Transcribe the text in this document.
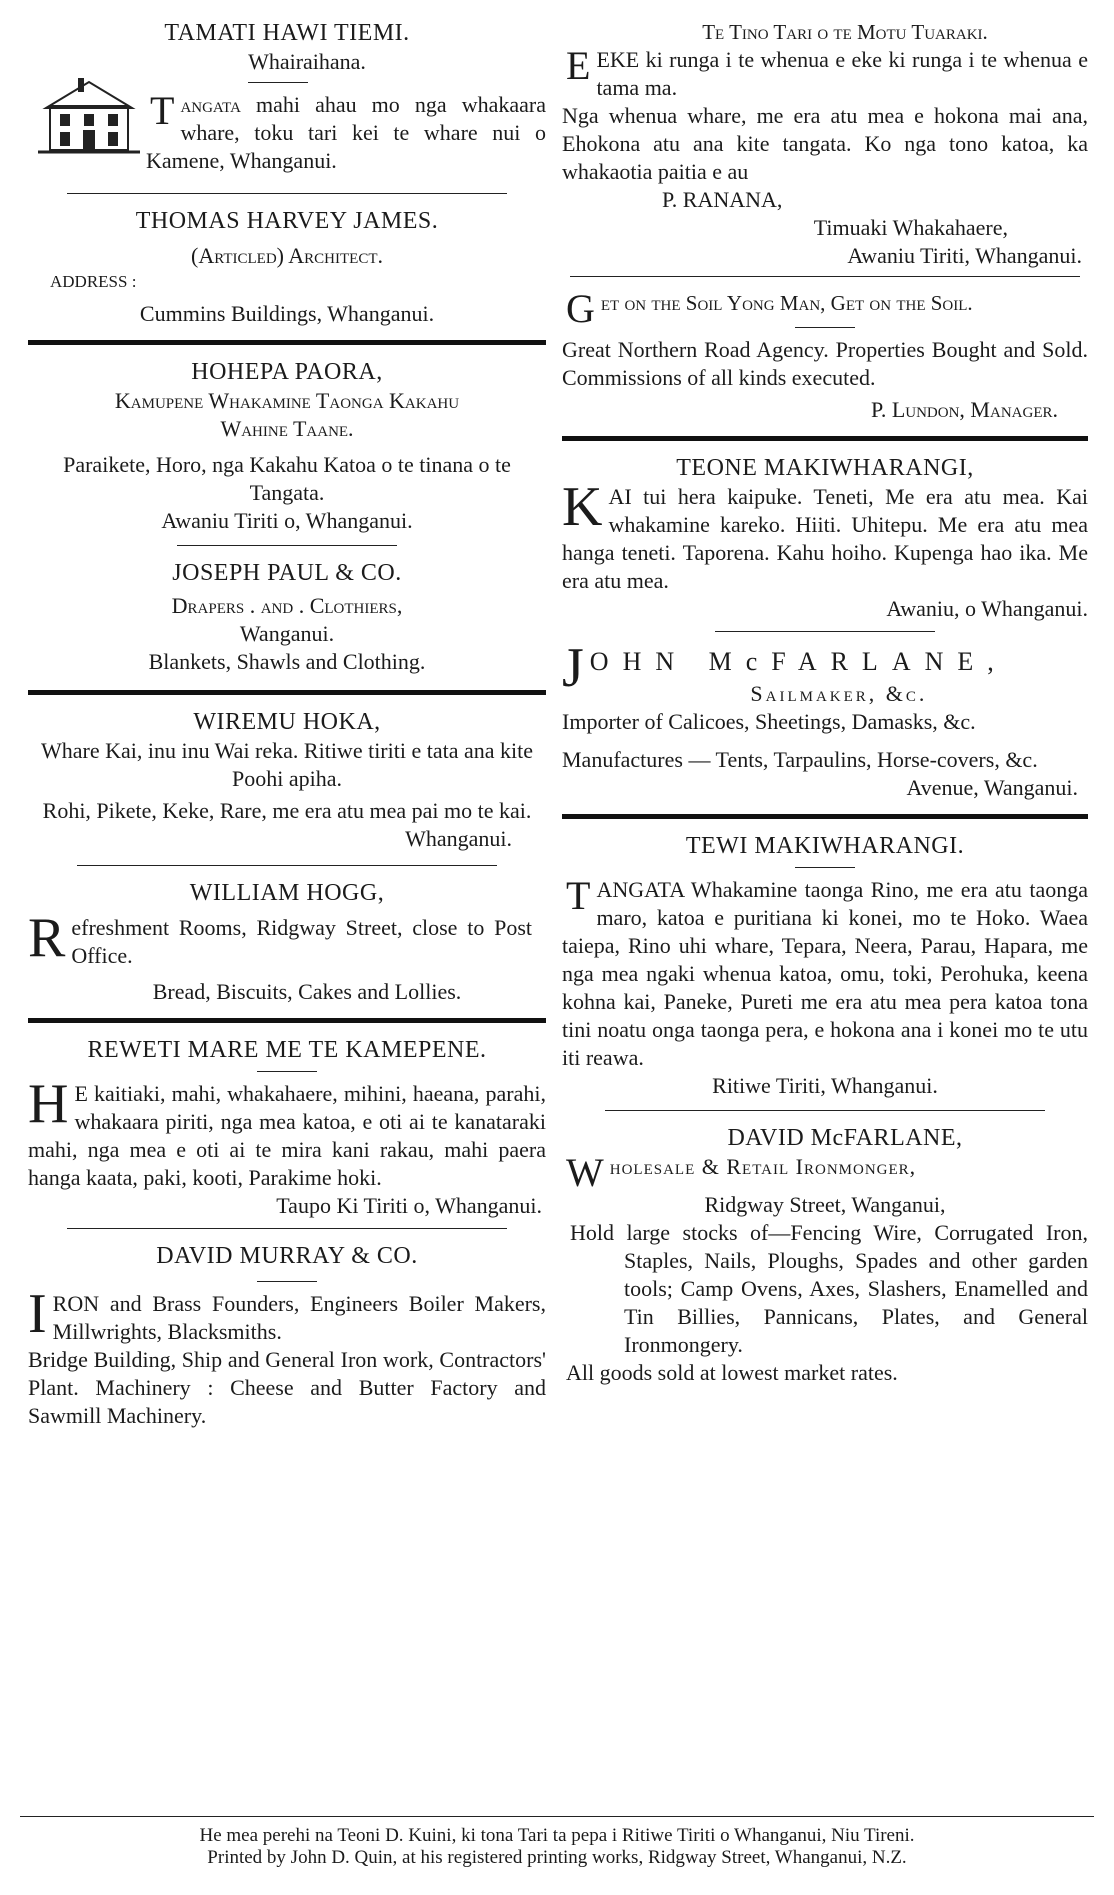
TAMATI HAWI TIEMI.
Whairaihana.
Tangata mahi ahau mo nga whakaara whare, toku tari kei te whare nui o Kamene, Whanganui.
THOMAS HARVEY JAMES.
(Articled) Architect.
ADDRESS :
Cummins Buildings, Whanganui.
HOHEPA PAORA,
Kamupene Whakamine Taonga Kakahu
Wahine Taane.
Paraikete, Horo, nga Kakahu Katoa o te tinana o te Tangata.
Awaniu Tiriti o, Whanganui.
JOSEPH PAUL & CO.
Drapers . and . Clothiers,
Wanganui.
Blankets, Shawls and Clothing.
WIREMU HOKA,
Whare Kai, inu inu Wai reka. Ritiwe tiriti e tata ana kite Poohi apiha.
Rohi, Pikete, Keke, Rare, me era atu mea pai mo te kai.
Whanganui.
WILLIAM HOGG,
Refreshment Rooms, Ridgway Street, close to Post Office.
Bread, Biscuits, Cakes and Lollies.
REWETI MARE ME TE KAMEPENE.
H E kaitiaki, mahi, whakahaere, mihini, haeana, parahi, whakaara piriti, nga mea katoa, e oti ai te kanataraki mahi, nga mea e oti ai te mira kani rakau, mahi paera hanga kaata, paki, kooti, Parakime hoki.
Taupo Ki Tiriti o, Whanganui.
DAVID MURRAY & CO.
IRON and Brass Founders, Engineers Boiler Makers, Millwrights, Blacksmiths.
Bridge Building, Ship and General Iron work, Contractors' Plant. Machinery : Cheese and Butter Factory and Sawmill Machinery.
Te Tino Tari o te Motu Tuaraki.
EEKE ki runga i te whenua e eke ki runga i te whenua e tama ma.
Nga whenua whare, me era atu mea e hokona mai ana, Ehokona atu ana kite tangata. Ko nga tono katoa, ka whakaotia paitia e au
P. RANANA,
Timuaki Whakahaere,
Awaniu Tiriti, Whanganui.
Get on the Soil Yong Man, Get on the Soil.
Great Northern Road Agency. Properties Bought and Sold. Commissions of all kinds executed.
P. Lundon, Manager.
TEONE MAKIWHARANGI,
KAI tui hera kaipuke. Teneti, Me era atu mea. Kai whakamine kareko. Hiiti. Uhitepu. Me era atu mea hanga teneti. Taporena. Kahu hoiho. Kupenga hao ika. Me era atu mea.
Awaniu, o Whanganui.
JOHN McFARLANE,
Sailmaker, &c.
Importer of Calicoes, Sheetings, Damasks, &c.
Manufactures — Tents, Tarpaulins, Horse-covers, &c.
Avenue, Wanganui.
TEWI MAKIWHARANGI.
TANGATA Whakamine taonga Rino, me era atu taonga maro, katoa e puritiana ki konei, mo te Hoko. Waea taiepa, Rino uhi whare, Tepara, Neera, Parau, Hapara, me nga mea ngaki whenua katoa, omu, toki, Perohuka, keena kohna kai, Paneke, Pureti me era atu mea pera katoa tona tini noatu onga taonga pera, e hokona ana i konei mo te utu iti reawa.
Ritiwe Tiriti, Whanganui.
DAVID McFARLANE,
Wholesale & Retail Ironmonger,
Ridgway Street, Wanganui,
Hold large stocks of—Fencing Wire, Corrugated Iron, Staples, Nails, Ploughs, Spades and other garden tools; Camp Ovens, Axes, Slashers, Enamelled and Tin Billies, Pannicans, Plates, and General Ironmongery.
All goods sold at lowest market rates.
He mea perehi na Teoni D. Kuini, ki tona Tari ta pepa i Ritiwe Tiriti o Whanganui, Niu Tireni.
Printed by John D. Quin, at his registered printing works, Ridgway Street, Whanganui, N.Z.
